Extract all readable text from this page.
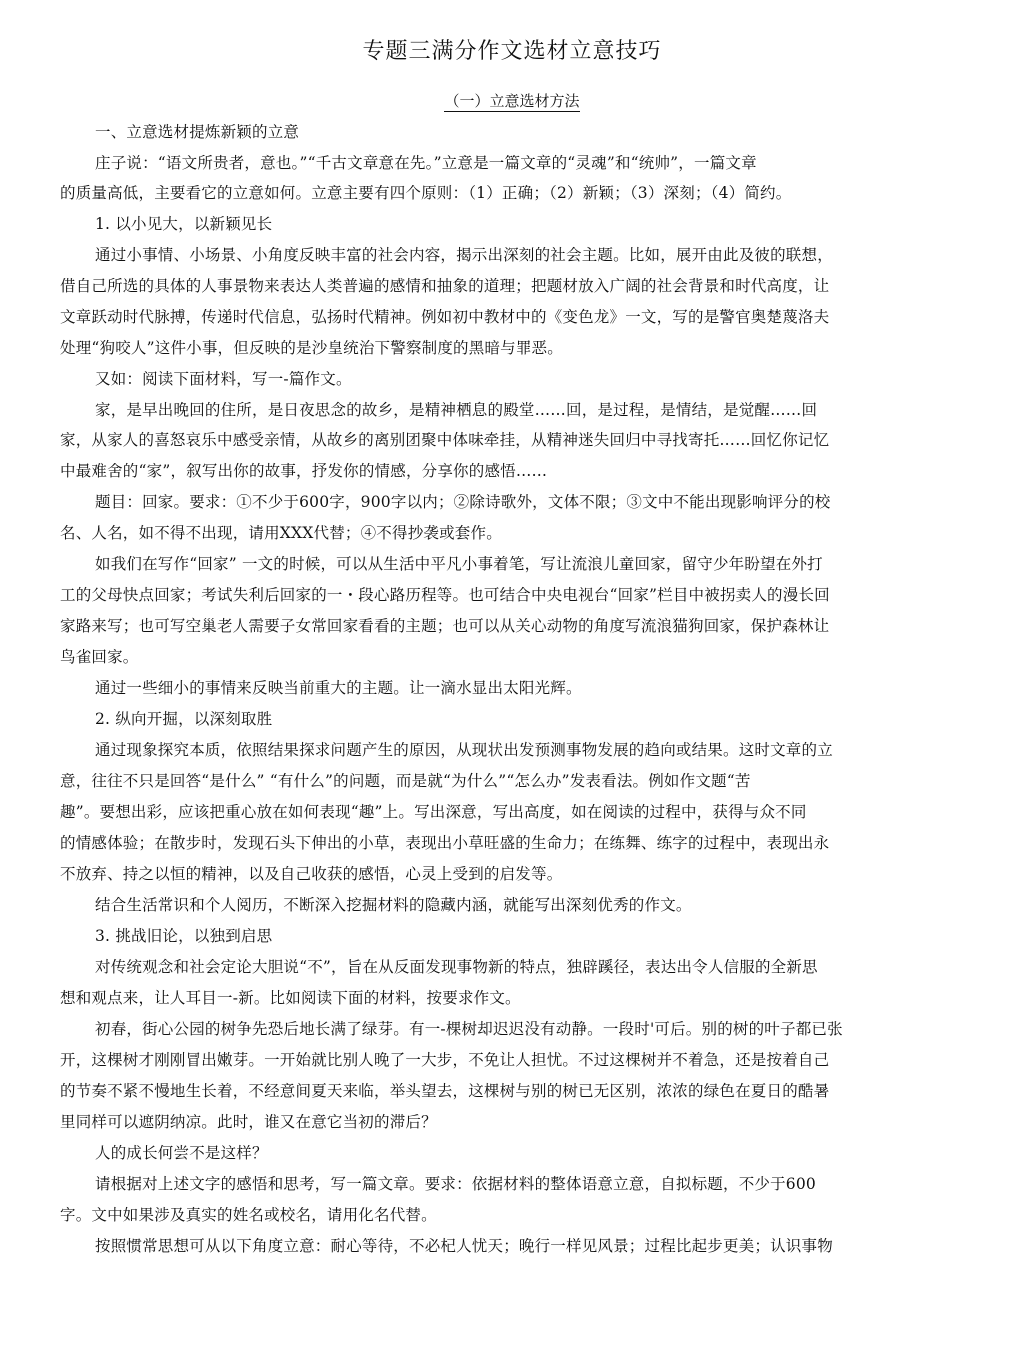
专题三满分作文选材立意技巧
（一）立意选材方法
一、立意选材提炼新颖的立意
庄子说：“语文所贵者，意也。”“千古文章意在先。”立意是一篇文章的“灵魂”和“统帅”，一篇文章
的质量高低，主要看它的立意如何。立意主要有四个原则：（1）正确；（2）新颖；（3）深刻；（4）简约。
1. 以小见大，以新颖见长
通过小事情、小场景、小角度反映丰富的社会内容，揭示出深刻的社会主题。比如，展开由此及彼的联想，
借自己所选的具体的人事景物来表达人类普遍的感情和抽象的道理；把题材放入广阔的社会背景和时代高度，让
文章跃动时代脉搏，传递时代信息，弘扬时代精神。例如初中教材中的《变色龙》一文，写的是警官奥楚蔑洛夫
处理“狗咬人”这件小事，但反映的是沙皇统治下警察制度的黑暗与罪恶。
又如：阅读下面材料，写一-篇作文。
家，是早出晚回的住所，是日夜思念的故乡，是精神栖息的殿堂……回，是过程，是情结，是觉醒……回
家，从家人的喜怒哀乐中感受亲情，从故乡的离别团聚中体味牵挂，从精神迷失回归中寻找寄托……回忆你记忆
中最难舍的“家”，叙写出你的故事，抒发你的情感，分享你的感悟……
题目：回家。要求：①不少于600字，900字以内；②除诗歌外，文体不限；③文中不能出现影响评分的校
名、人名，如不得不出现，请用XXX代替；④不得抄袭或套作。
如我们在写作“回家” 一文的时候，可以从生活中平凡小事着笔，写让流浪儿童回家，留守少年盼望在外打
工的父母快点回家；考试失利后回家的一・段心路历程等。也可结合中央电视台“回家”栏目中被拐卖人的漫长回
家路来写；也可写空巢老人需要子女常回家看看的主题；也可以从关心动物的角度写流浪猫狗回家，保护森林让
鸟雀回家。
通过一些细小的事情来反映当前重大的主题。让一滴水显出太阳光辉。
2. 纵向开掘，以深刻取胜
通过现象探究本质，依照结果探求问题产生的原因，从现状出发预测事物发展的趋向或结果。这时文章的立
意，往往不只是回答“是什么” “有什么”的问题，而是就“为什么”“怎么办”发表看法。例如作文题“苦
趣”。要想出彩，应该把重心放在如何表现“趣”上。写出深意，写出高度，如在阅读的过程中，获得与众不同
的情感体验；在散步时，发现石头下伸出的小草，表现出小草旺盛的生命力；在练舞、练字的过程中，表现出永
不放弃、持之以恒的精神，以及自己收获的感悟，心灵上受到的启发等。
结合生活常识和个人阅历，不断深入挖掘材料的隐藏内涵，就能写出深刻优秀的作文。
3. 挑战旧论，以独到启思
对传统观念和社会定论大胆说“不”，旨在从反面发现事物新的特点，独辟蹊径，表达出令人信服的全新思
想和观点来，让人耳目一-新。比如阅读下面的材料，按要求作文。
初春，街心公园的树争先恐后地长满了绿芽。有一-棵树却迟迟没有动静。一段时'可后。别的树的叶子都已张
开，这棵树才刚刚冒出嫩芽。一开始就比别人晚了一大步，不免让人担忧。不过这棵树并不着急，还是按着自己
的节奏不紧不慢地生长着，不经意间夏天来临，举头望去，这棵树与别的树已无区别，浓浓的绿色在夏日的酷暑
里同样可以遮阴纳凉。此时，谁又在意它当初的滞后？
人的成长何尝不是这样？
请根据对上述文字的感悟和思考，写一篇文章。要求：依据材料的整体语意立意，自拟标题，不少于600
字。文中如果涉及真实的姓名或校名，请用化名代替。
按照惯常思想可从以下角度立意：耐心等待，不必杞人忧天；晚行一样见风景；过程比起步更美；认识事物
